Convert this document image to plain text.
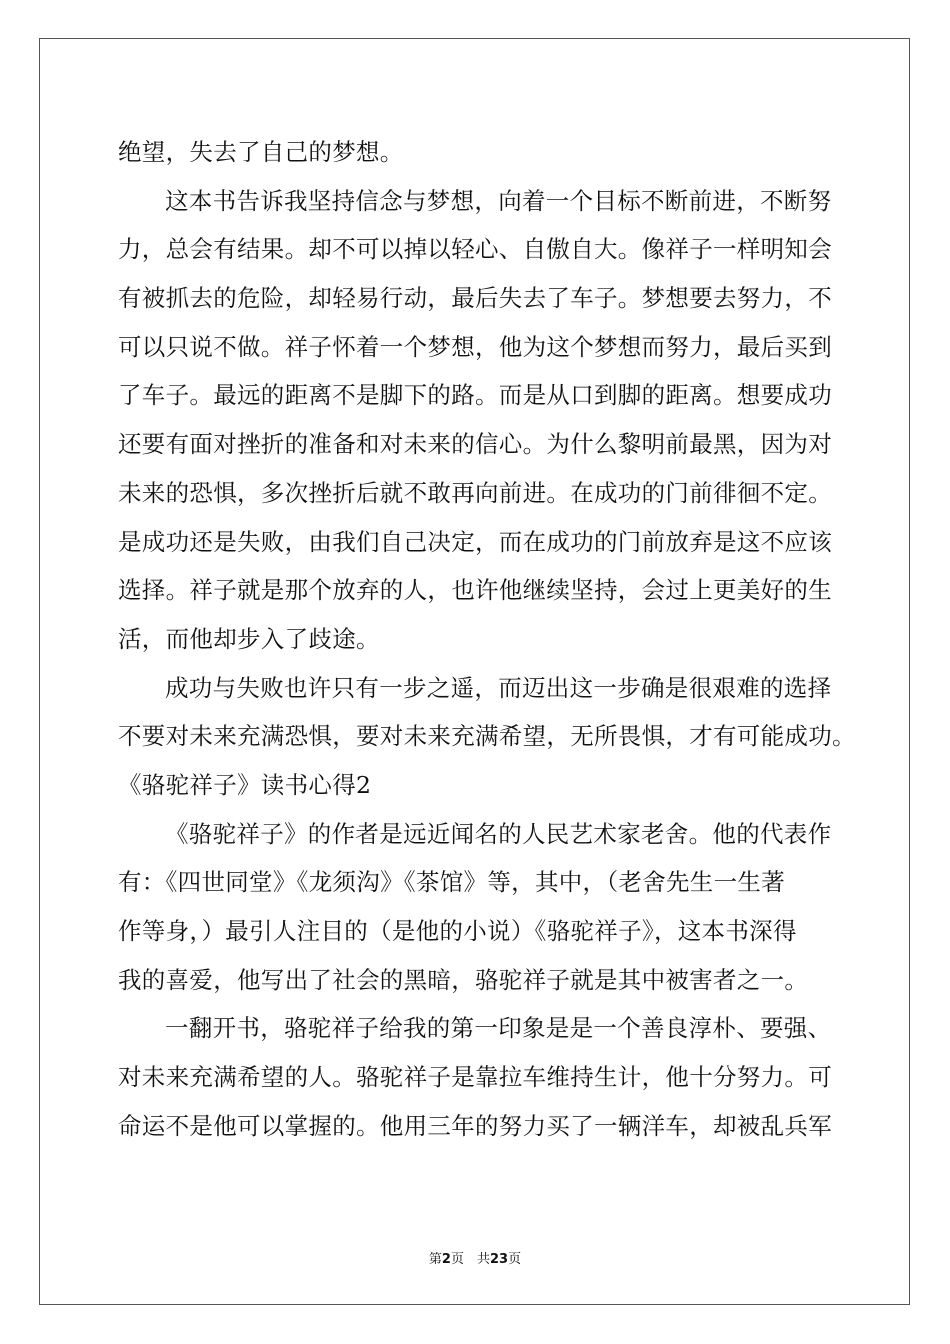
绝望，失去了自己的梦想。
这本书告诉我坚持信念与梦想，向着一个目标不断前进，不断努
力，总会有结果。却不可以掉以轻心、自傲自大。像祥子一样明知会
有被抓去的危险，却轻易行动，最后失去了车子。梦想要去努力，不
可以只说不做。祥子怀着一个梦想，他为这个梦想而努力，最后买到
了车子。最远的距离不是脚下的路。而是从口到脚的距离。想要成功
还要有面对挫折的准备和对未来的信心。为什么黎明前最黑，因为对
未来的恐惧，多次挫折后就不敢再向前进。在成功的门前徘徊不定。
是成功还是失败，由我们自己决定，而在成功的门前放弃是这不应该
选择。祥子就是那个放弃的人，也许他继续坚持，会过上更美好的生
活，而他却步入了歧途。
成功与失败也许只有一步之遥，而迈出这一步确是很艰难的选择
不要对未来充满恐惧，要对未来充满希望，无所畏惧，才有可能成功。
《骆驼祥子》读书心得2
《骆驼祥子》的作者是远近闻名的人民艺术家老舍。他的代表作
有：《四世同堂》《龙须沟》《茶馆》等，其中，（老舍先生一生著
作等身，）最引人注目的（是他的小说）《骆驼祥子》，这本书深得
我的喜爱，他写出了社会的黑暗，骆驼祥子就是其中被害者之一。
一翻开书，骆驼祥子给我的第一印象是是一个善良淳朴、要强、
对未来充满希望的人。骆驼祥子是靠拉车维持生计，他十分努力。可
命运不是他可以掌握的。他用三年的努力买了一辆洋车，却被乱兵军
第2页　共23页
